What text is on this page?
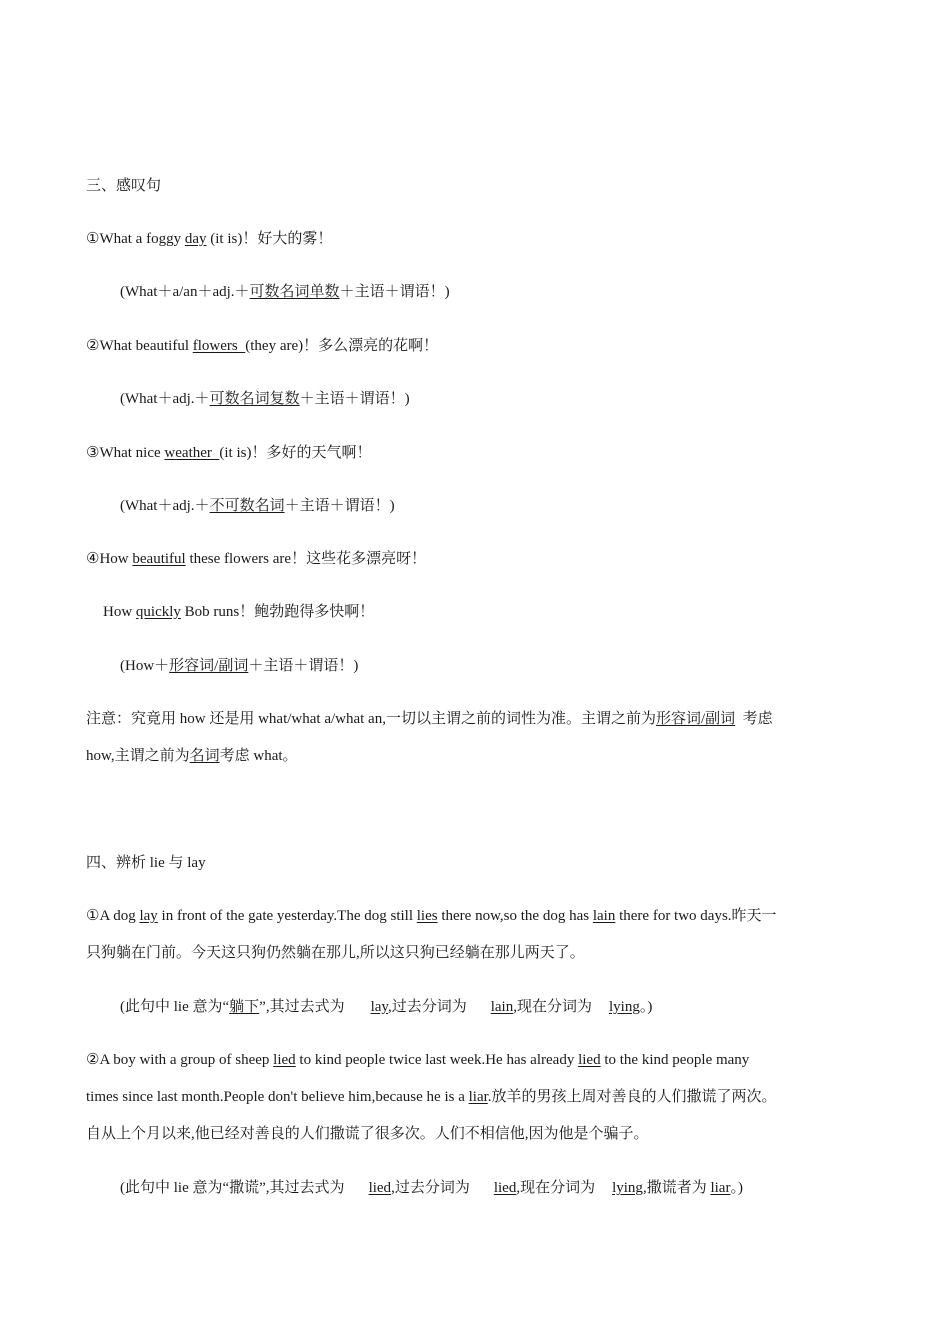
三、感叹句
①What a foggy day (it is)！好大的雾！
(What＋a/an＋adj.＋可数名词单数＋主语＋谓语！)
②What beautiful flowers  (they are)！多么漂亮的花啊！
(What＋adj.＋可数名词复数＋主语＋谓语！)
③What nice weather  (it is)！多好的天气啊！
(What＋adj.＋不可数名词＋主语＋谓语！)
④How beautiful these flowers are！这些花多漂亮呀！
How quickly Bob runs！鲍勃跑得多快啊！
(How＋形容词/副词＋主语＋谓语！)
注意：究竟用 how 还是用 what/what a/what an,一切以主谓之前的词性为准。主谓之前为形容词/副词  考虑
how,主谓之前为名词考虑 what。
四、辨析 lie 与 lay
①A dog lay in front of the gate yesterday.The dog still lies there now,so the dog has lain there for two days.昨天一
只狗躺在门前。今天这只狗仍然躺在那儿,所以这只狗已经躺在那儿两天了。
(此句中 lie 意为“躺下”,其过去式为 lay,过去分词为 lain,现在分词为 lying。)
②A boy with a group of sheep lied to kind people twice last week.He has already lied to the kind people many
times since last month.People don't believe him,because he is a liar.放羊的男孩上周对善良的人们撒谎了两次。
自从上个月以来,他已经对善良的人们撒谎了很多次。人们不相信他,因为他是个骗子。
(此句中 lie 意为“撒谎”,其过去式为 lied,过去分词为 lied,现在分词为 lying,撒谎者为 liar。)
